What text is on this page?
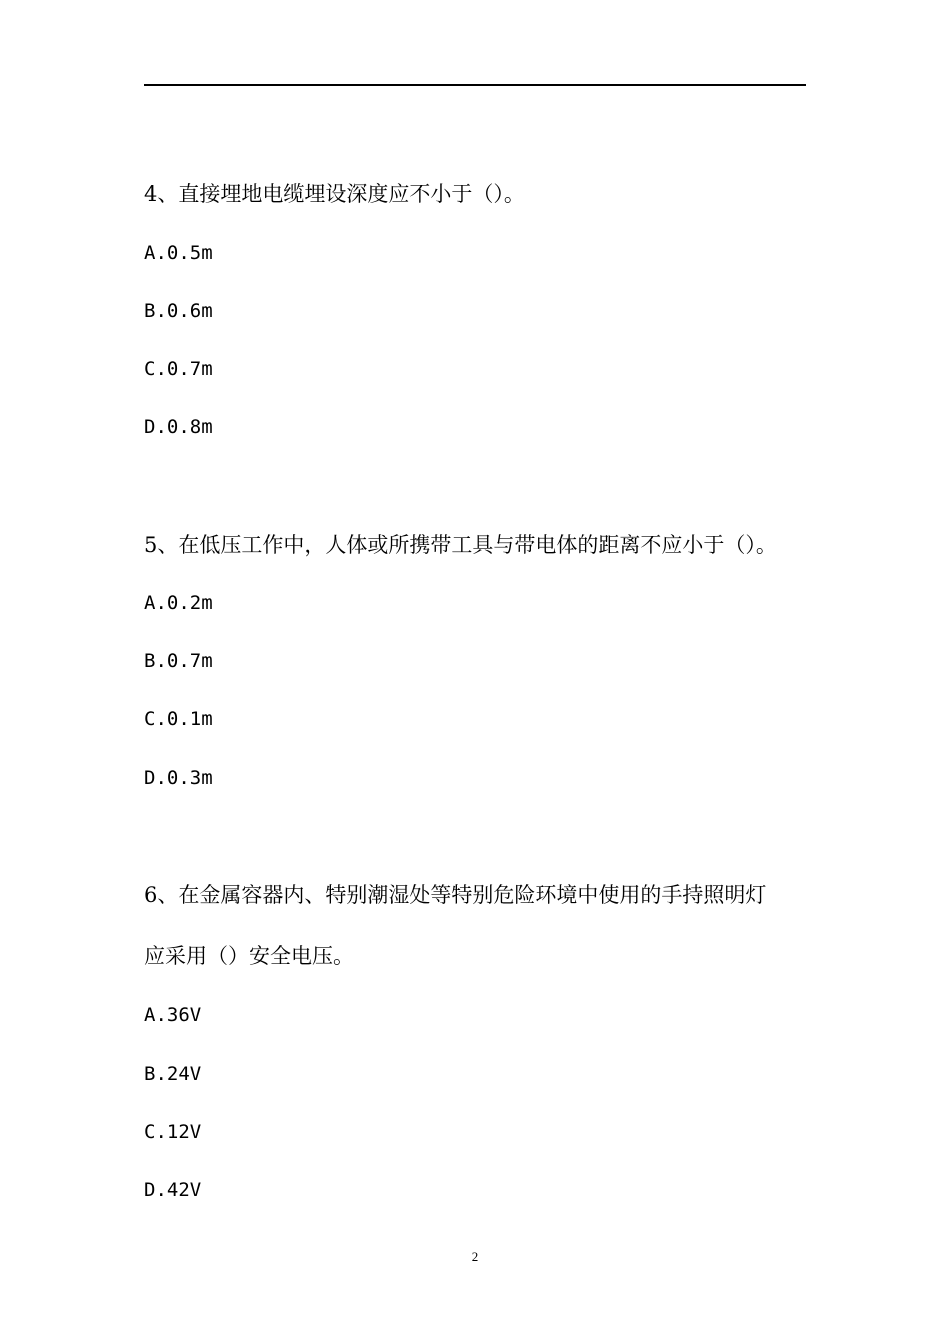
4、直接埋地电缆埋设深度应不小于（）。

A.0.5m

B.0.6m

C.0.7m

D.0.8m

5、在低压工作中，人体或所携带工具与带电体的距离不应小于（）。

A.0.2m

B.0.7m

C.0.1m

D.0.3m

6、在金属容器内、特别潮湿处等特别危险环境中使用的手持照明灯

应采用（）安全电压。

A.36V

B.24V

C.12V

D.42V

2
